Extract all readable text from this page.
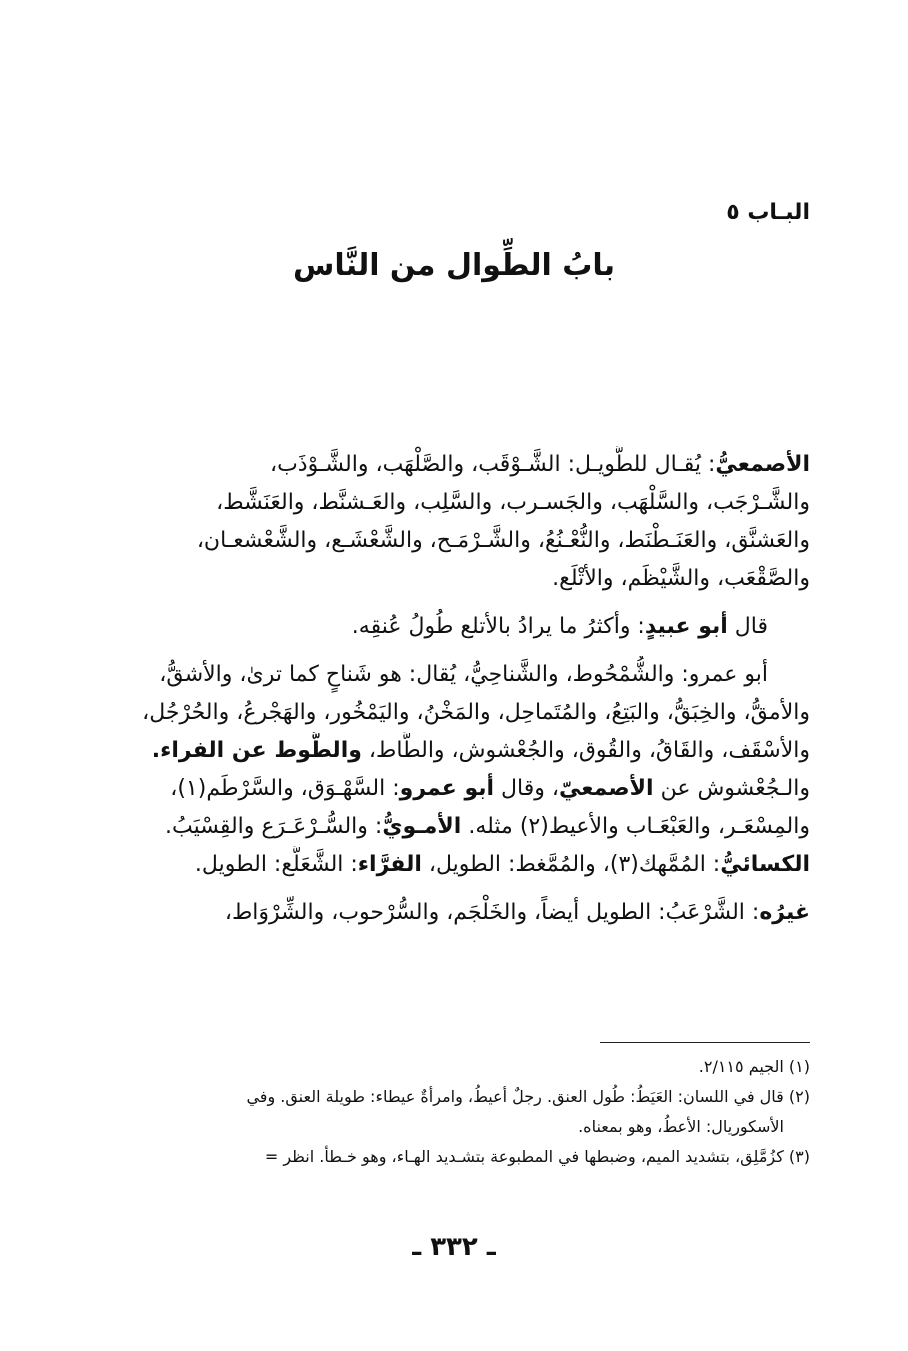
البـاب ٥
بابُ الطِّوال من النَّاس
الأصمعيُّ: يُقـال للطَّويـل: الشَّـوْقَب، والصَّلْهَب، والشَّـوْذَب،
والشَّـرْجَب، والسَّلْهَب، والجَسـرب، والسَّلِب، والعَـشنَّط، والعَنَشَّط،
والعَشنَّق، والعَنَـطْنَط، والنُّعْـنُعُ، والشَّـرْمَـح، والشَّعْشَـع، والشَّعْشعـان،
والصَّقْعَب، والشَّيْظَم، والأتْلَع.
قال أبو عبيدٍ: وأكثرُ ما يرادُ بالأتلع طُولُ عُنقِه.
أبو عمرو: والشُّمْحُوط، والشَّناحِيُّ، يُقال: هو شَناحٍ كما ترىٰ، والأشقُّ،
والأمقُّ، والخِبَقُّ، والبَتِعُ، والمُتَماحِل، والمَخْنُ، واليَمْخُور، والهَجْرعُ، والحُرْجُل،
والأسْقَف، والقَاقُ، والقُوق، والجُعْشوش، والطَّاط، والطُّوط عن الفراء.
والـجُعْشوش عن الأصمعيّ، وقال أبو عمرو: السَّهْـوَق، والسَّرْطَم(١)،
والمِسْعَـر، والعَبْعَـاب والأعيط(٢) مثله. الأمـويُّ: والسُّـرْعَـرَع والقِسْيَبُ.
الكسائيُّ: المُمَّهك(٣)، والمُمَّغط: الطويل، الفرَّاء: الشَّعَلَّع: الطويل.
غيرُه: الشَّرْعَبُ: الطويل أيضاً، والخَلْجَم، والسُّرْحوب، والشِّرْوَاط،
(١) الجيم ٢/١١٥.
(٢) قال في اللسان: العَيَطُ: طُول العنق. رجلٌ أعيطُ، وامرأةٌ عيطاء: طويلة العنق. وفي
الأسكوريال: الأعطُ، وهو بمعناه.
(٣) كزُمَّلِق، بتشديد الميم، وضبطها في المطبوعة بتشـديد الهـاء، وهو خـطأ. انظر =
ـ ٣٣٢ ـ
